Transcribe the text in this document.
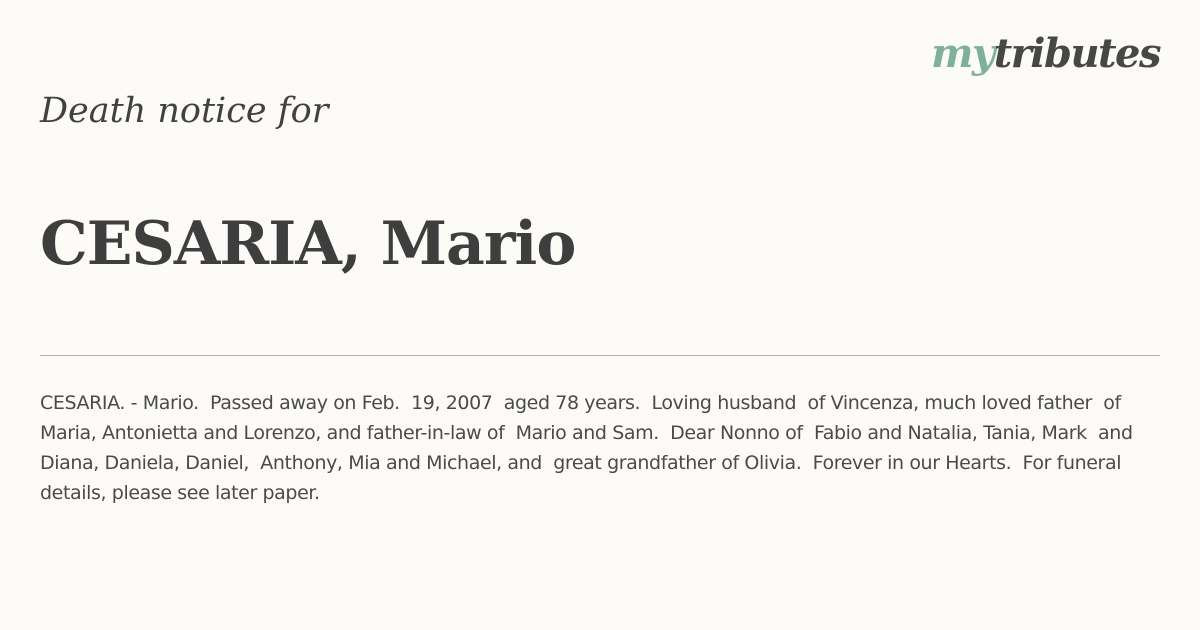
mytributes
Death notice for
CESARIA, Mario

CESARIA. - Mario.  Passed away on Feb.  19, 2007  aged 78 years.  Loving husband  of Vincenza, much loved father  of Maria, Antonietta and Lorenzo, and father-in-law of  Mario and Sam.  Dear Nonno of  Fabio and Natalia, Tania, Mark  and Diana, Daniela, Daniel,  Anthony, Mia and Michael, and  great grandfather of Olivia.  Forever in our Hearts.  For funeral details, please see later paper.
